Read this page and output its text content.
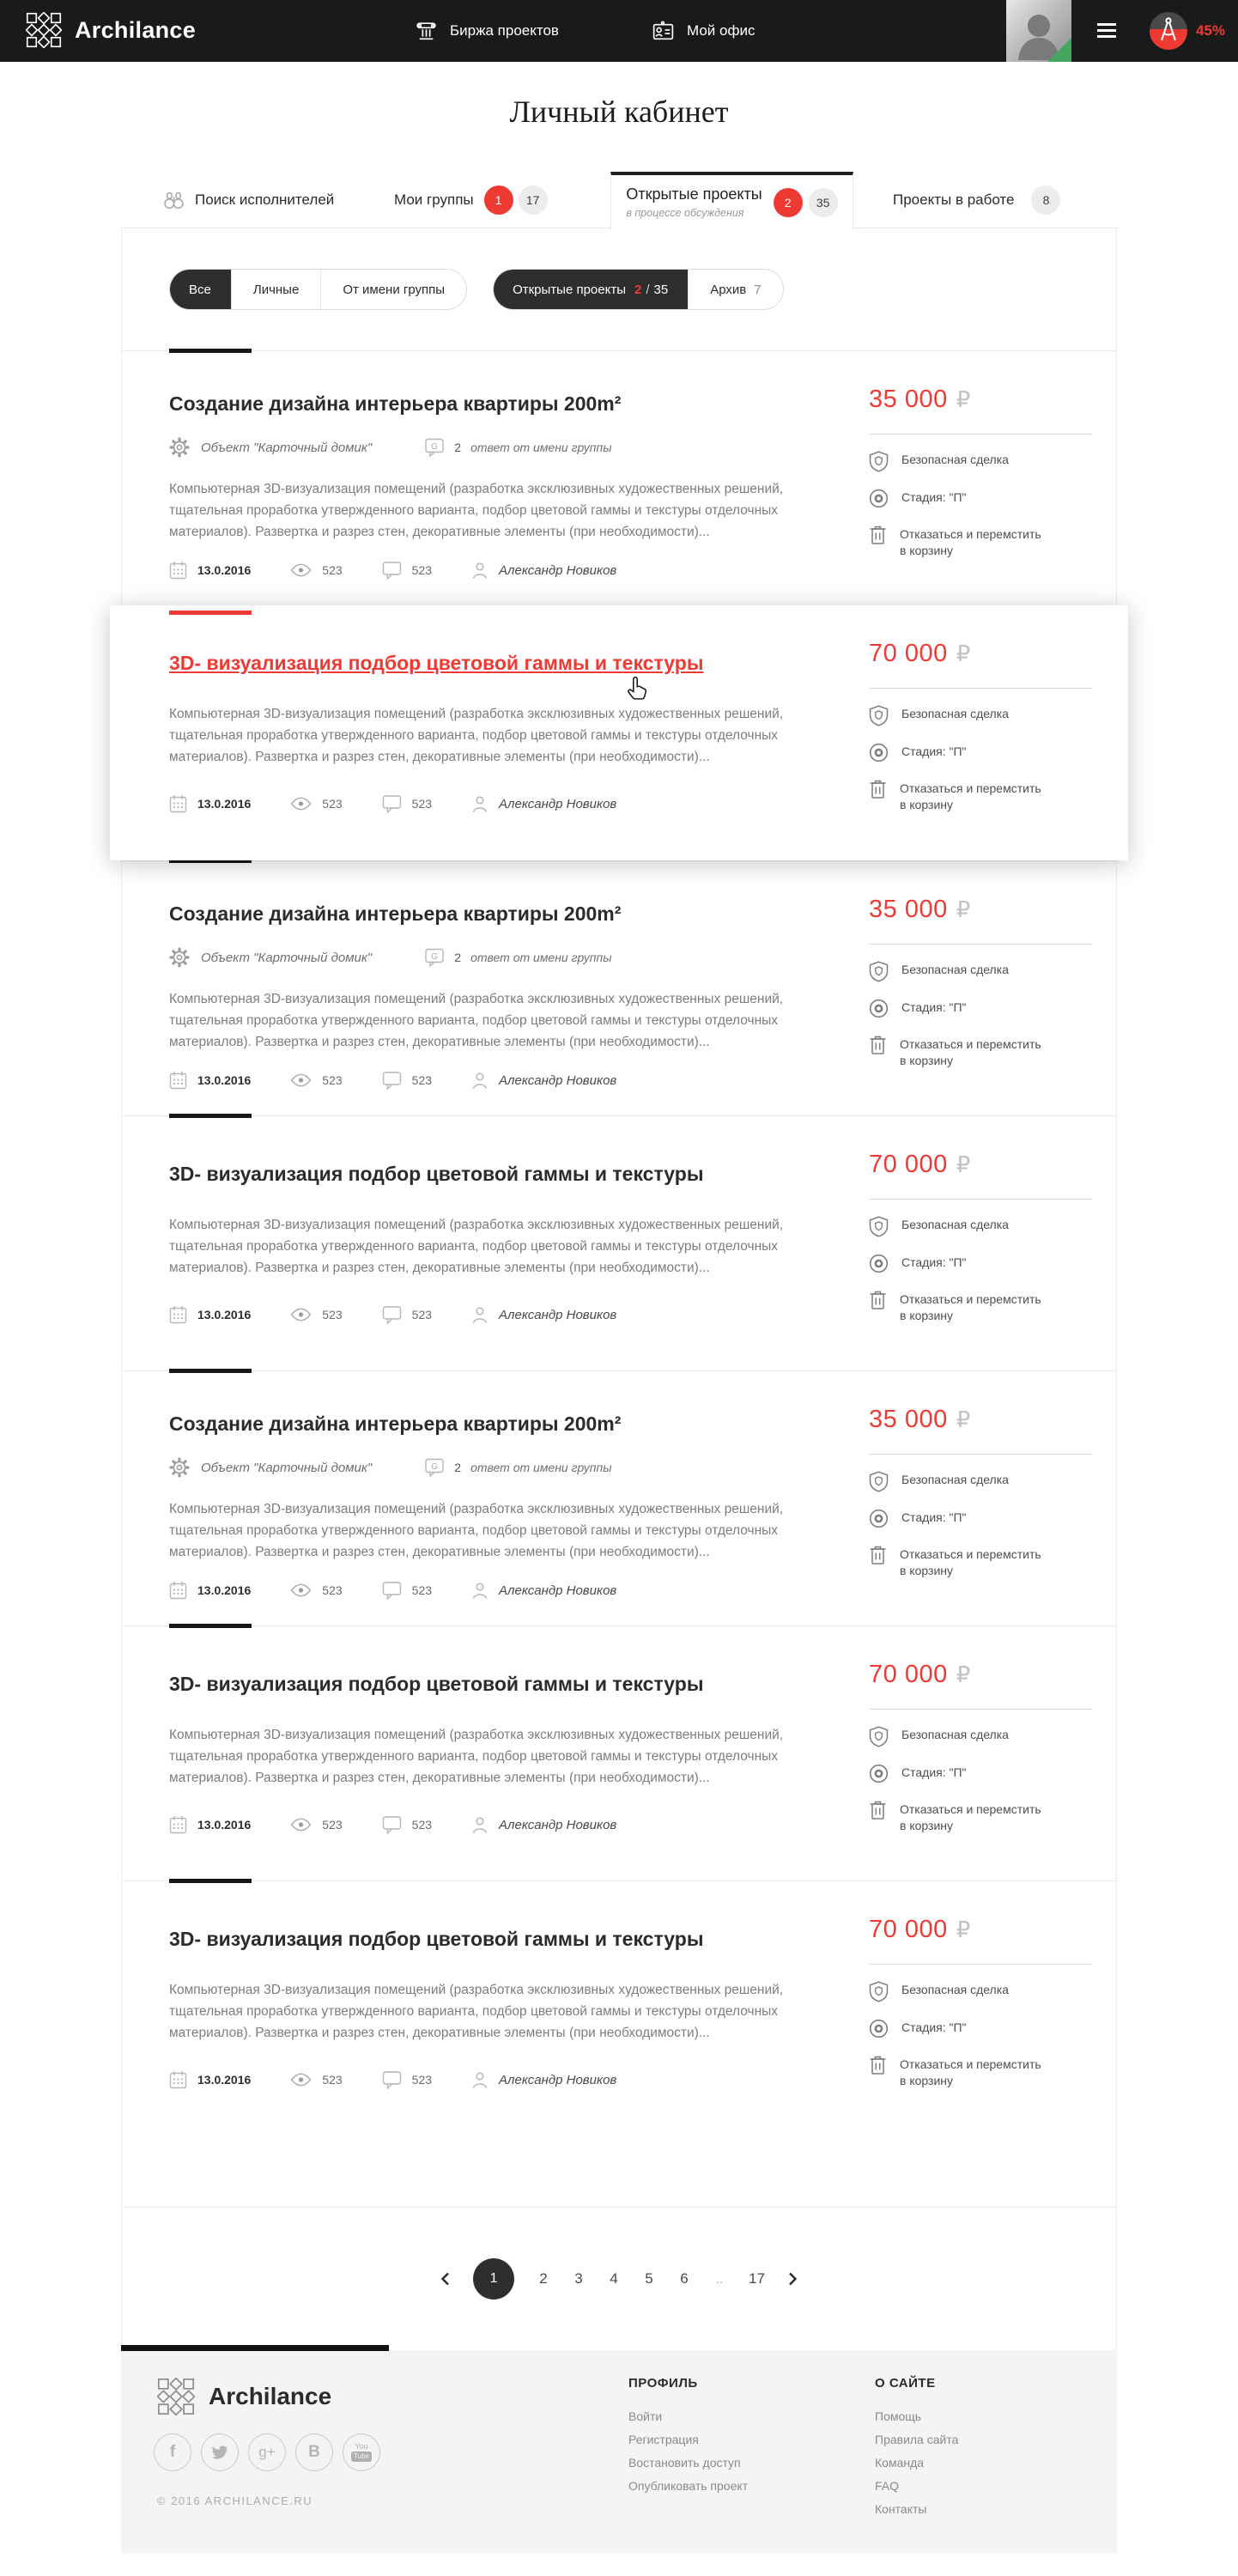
Archilance	Биржа проектов	Мой офис	45%
Личный кабинет
Поиск исполнителей	Мои группы	1	17	Открытые проекты
в процессе обсуждения
2	35	Проекты в работе	8
Все	Личные	От имени группы	Открытые проекты 2 / 35	Архив 7
Создание дизайна интерьера квартиры 200m²
Объект "Карточный домик"	G 2 ответ от имени группы
Компьютерная 3D-визуализация помещений (разработка эксклюзивных художественных решений, тщательная проработка утвержденного варианта, подбор цветовой гаммы и текстуры отделочных материалов). Развертка и разрез стен, декоративные элементы (при необходимости)...
13.0.2016	523	523	Александр Новиков
35 000 ₽
Безопасная сделка
Стадия: "П"
Отказаться и перемстить
в корзину
3D- визуализация подбор цветовой гаммы и текстуры
Компьютерная 3D-визуализация помещений (разработка эксклюзивных художественных решений, тщательная проработка утвержденного варианта, подбор цветовой гаммы и текстуры отделочных материалов). Развертка и разрез стен, декоративные элементы (при необходимости)...
13.0.2016	523	523	Александр Новиков
70 000 ₽
Безопасная сделка
Стадия: "П"
Отказаться и перемстить
в корзину
Создание дизайна интерьера квартиры 200m²
Объект "Карточный домик"	G 2 ответ от имени группы
Компьютерная 3D-визуализация помещений (разработка эксклюзивных художественных решений, тщательная проработка утвержденного варианта, подбор цветовой гаммы и текстуры отделочных материалов). Развертка и разрез стен, декоративные элементы (при необходимости)...
13.0.2016	523	523	Александр Новиков
35 000 ₽
Безопасная сделка
Стадия: "П"
Отказаться и перемстить
в корзину
3D- визуализация подбор цветовой гаммы и текстуры
Компьютерная 3D-визуализация помещений (разработка эксклюзивных художественных решений, тщательная проработка утвержденного варианта, подбор цветовой гаммы и текстуры отделочных материалов). Развертка и разрез стен, декоративные элементы (при необходимости)...
13.0.2016	523	523	Александр Новиков
70 000 ₽
Безопасная сделка
Стадия: "П"
Отказаться и перемстить
в корзину
Создание дизайна интерьера квартиры 200m²
Объект "Карточный домик"	G 2 ответ от имени группы
Компьютерная 3D-визуализация помещений (разработка эксклюзивных художественных решений, тщательная проработка утвержденного варианта, подбор цветовой гаммы и текстуры отделочных материалов). Развертка и разрез стен, декоративные элементы (при необходимости)...
13.0.2016	523	523	Александр Новиков
35 000 ₽
Безопасная сделка
Стадия: "П"
Отказаться и перемстить
в корзину
3D- визуализация подбор цветовой гаммы и текстуры
Компьютерная 3D-визуализация помещений (разработка эксклюзивных художественных решений, тщательная проработка утвержденного варианта, подбор цветовой гаммы и текстуры отделочных материалов). Развертка и разрез стен, декоративные элементы (при необходимости)...
13.0.2016	523	523	Александр Новиков
70 000 ₽
Безопасная сделка
Стадия: "П"
Отказаться и перемстить
в корзину
3D- визуализация подбор цветовой гаммы и текстуры
Компьютерная 3D-визуализация помещений (разработка эксклюзивных художественных решений, тщательная проработка утвержденного варианта, подбор цветовой гаммы и текстуры отделочных материалов). Развертка и разрез стен, декоративные элементы (при необходимости)...
13.0.2016	523	523	Александр Новиков
70 000 ₽
Безопасная сделка
Стадия: "П"
Отказаться и перемстить
в корзину
1	2 3 4 5 6 .. 17
Archilance
f	g+ B	You
Tube
© 2016 ARCHILANCE.RU
ПРОФИЛЬ
Войти
Регистрация
Востановить доступ
Опубликовать проект
О САЙТЕ
Помощь
Правила сайта
Команда
FAQ
Контакты
